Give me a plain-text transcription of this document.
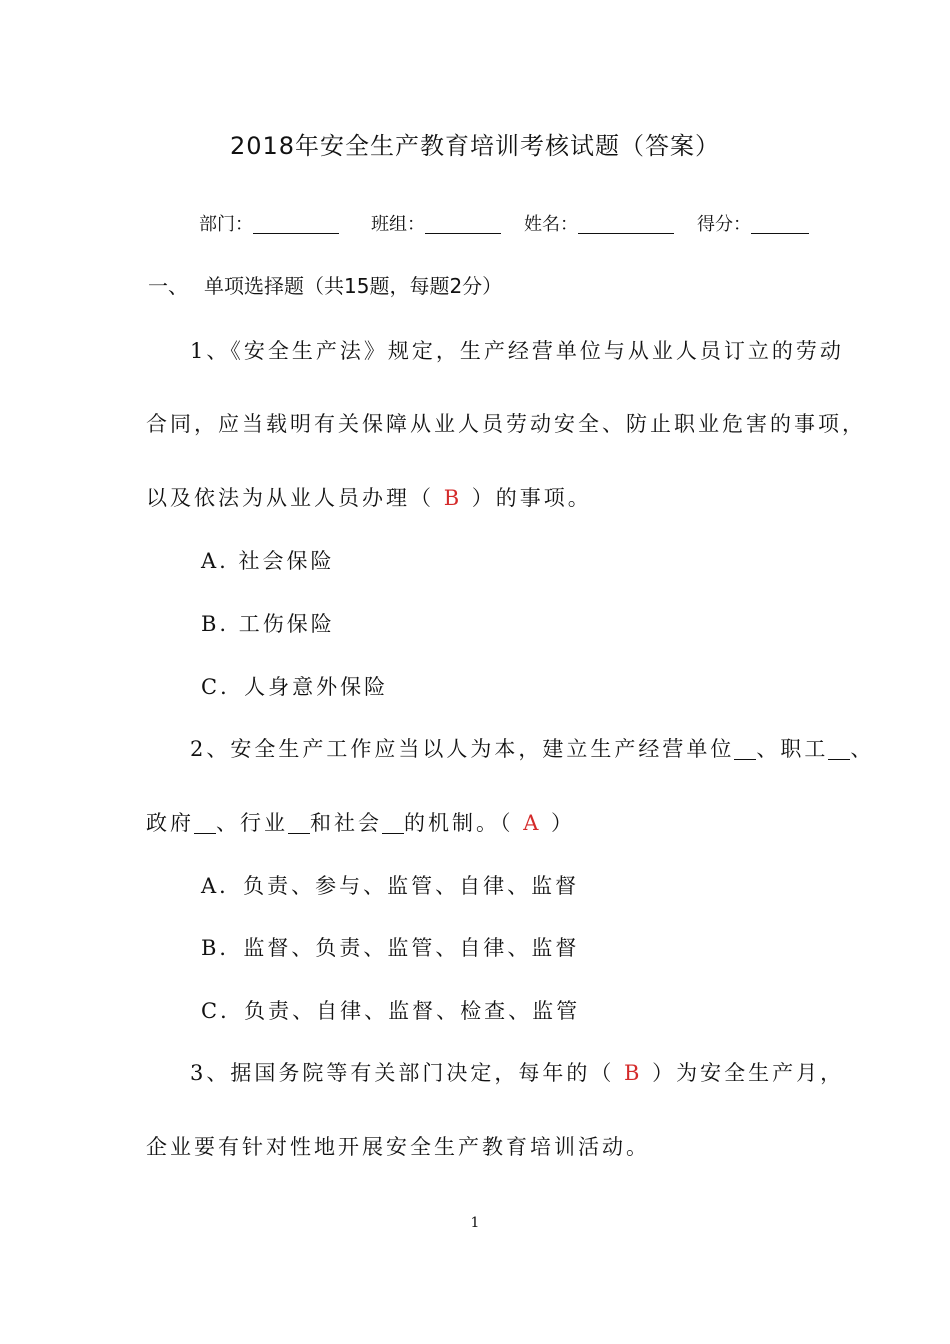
2018年安全生产教育培训考核试题（答案）
部门：	班组：	姓名：	得分：
一、 单项选择题（共15题，每题2分）
1、《安全生产法》规定，生产经营单位与从业人员订立的劳动
合同，应当载明有关保障从业人员劳动安全、防止职业危害的事项，
以及依法为从业人员办理（ B ）的事项。
A. 社会保险
B. 工伤保险
C．人身意外保险
2、安全生产工作应当以人为本，建立生产经营单位 、职工 、
政府 、行业 和社会 的机制。（ A ）
A．负责、参与、监管、自律、监督
B．监督、负责、监管、自律、监督
C．负责、自律、监督、检查、监管
3、据国务院等有关部门决定，每年的（ B ）为安全生产月，
企业要有针对性地开展安全生产教育培训活动。
1
